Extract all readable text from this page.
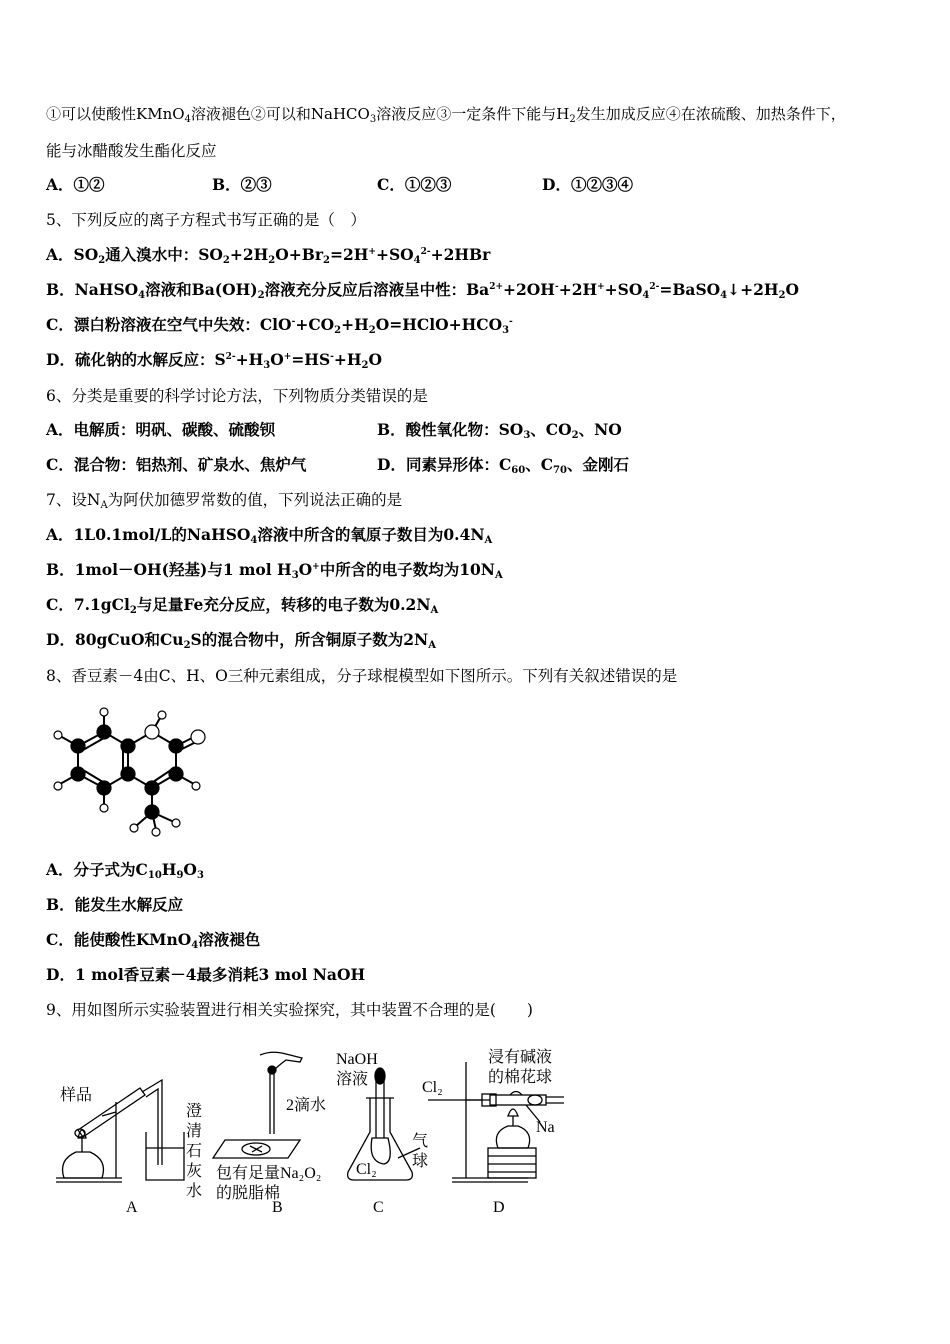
①可以使酸性KMnO$_4$溶液褪色②可以和NaHCO$_3$溶液反应③一定条件下能与$H_2$发生加成反应④在浓硫酸、加热条件下，
能与冰醋酸发生酯化反应
A．①②	B．②③	C．①②③	D．①②③④
5、下列反应的离子方程式书写正确的是（　）
A．$SO_2$通入溴水中：$SO_2+2H_2O+Br_2=2H^++SO_4^{2-}+2HBr$
B．NaHSO$_4$溶液和$Ba(OH)_2$溶液充分反应后溶液呈中性：$Ba^{2+}+2OH^-+2H^++SO_4^{2-}=BaSO_4↓+2H_2O$
C．漂白粉溶液在空气中失效：$ClO^-+CO_2+H_2O=HClO+HCO_3^-$
D．硫化钠的水解反应：$S^{2-}+H_3O^+=HS^-+H_2O$
6、分类是重要的科学讨论方法，下列物质分类错误的是
A．电解质：明矾、碳酸、硫酸钡	B．酸性氧化物：$SO_3$、$CO_2$、NO
C．混合物：铝热剂、矿泉水、焦炉气	D．同素异形体：$C_{60}$、$C_{70}$、金刚石
7、设$N_A$为阿伏加德罗常数的值，下列说法正确的是
A．1L0.1mol/L的NaHSO$_4$溶液中所含的氧原子数目为$0.4N_A$
B．1mol－OH(羟基)与1 mol $H_3O^+$中所含的电子数均为$10N_A$
C．7.1gCl$_2$与足量Fe充分反应，转移的电子数为$0.2N_A$
D．80gCuO和$Cu_2S$的混合物中，所含铜原子数为$2N_A$
8、香豆素－4由C、H、O三种元素组成，分子球棍模型如下图所示。下列有关叙述错误的是
A．分子式为$C_{10}H_9O_3$
B．能发生水解反应
C．能使酸性KMnO$_4$溶液褪色
D．1 mol香豆素－4最多消耗3 mol NaOH
9、用如图所示实验装置进行相关实验探究，其中装置不合理的是(　　)
样品
澄
清
石
灰
水
2滴水
包有足量Na₂O₂
的脱脂棉
NaOH
溶液
Cl₂
气
球
浸有碱液
的棉花球
Cl₂
Na
A	B	C	D
